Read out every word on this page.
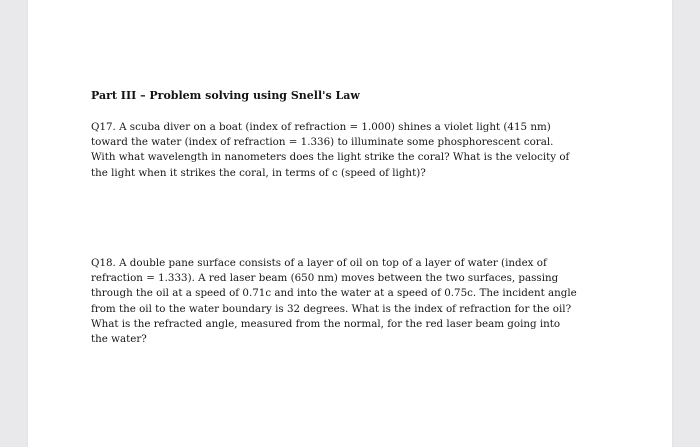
Part III – Problem solving using Snell's Law
Q17. A scuba diver on a boat (index of refraction = 1.000) shines a violet light (415 nm)
toward the water (index of refraction = 1.336) to illuminate some phosphorescent coral.
With what wavelength in nanometers does the light strike the coral? What is the velocity of
the light when it strikes the coral, in terms of c (speed of light)?
Q18. A double pane surface consists of a layer of oil on top of a layer of water (index of
refraction = 1.333). A red laser beam (650 nm) moves between the two surfaces, passing
through the oil at a speed of 0.71c and into the water at a speed of 0.75c. The incident angle
from the oil to the water boundary is 32 degrees. What is the index of refraction for the oil?
What is the refracted angle, measured from the normal, for the red laser beam going into
the water?
